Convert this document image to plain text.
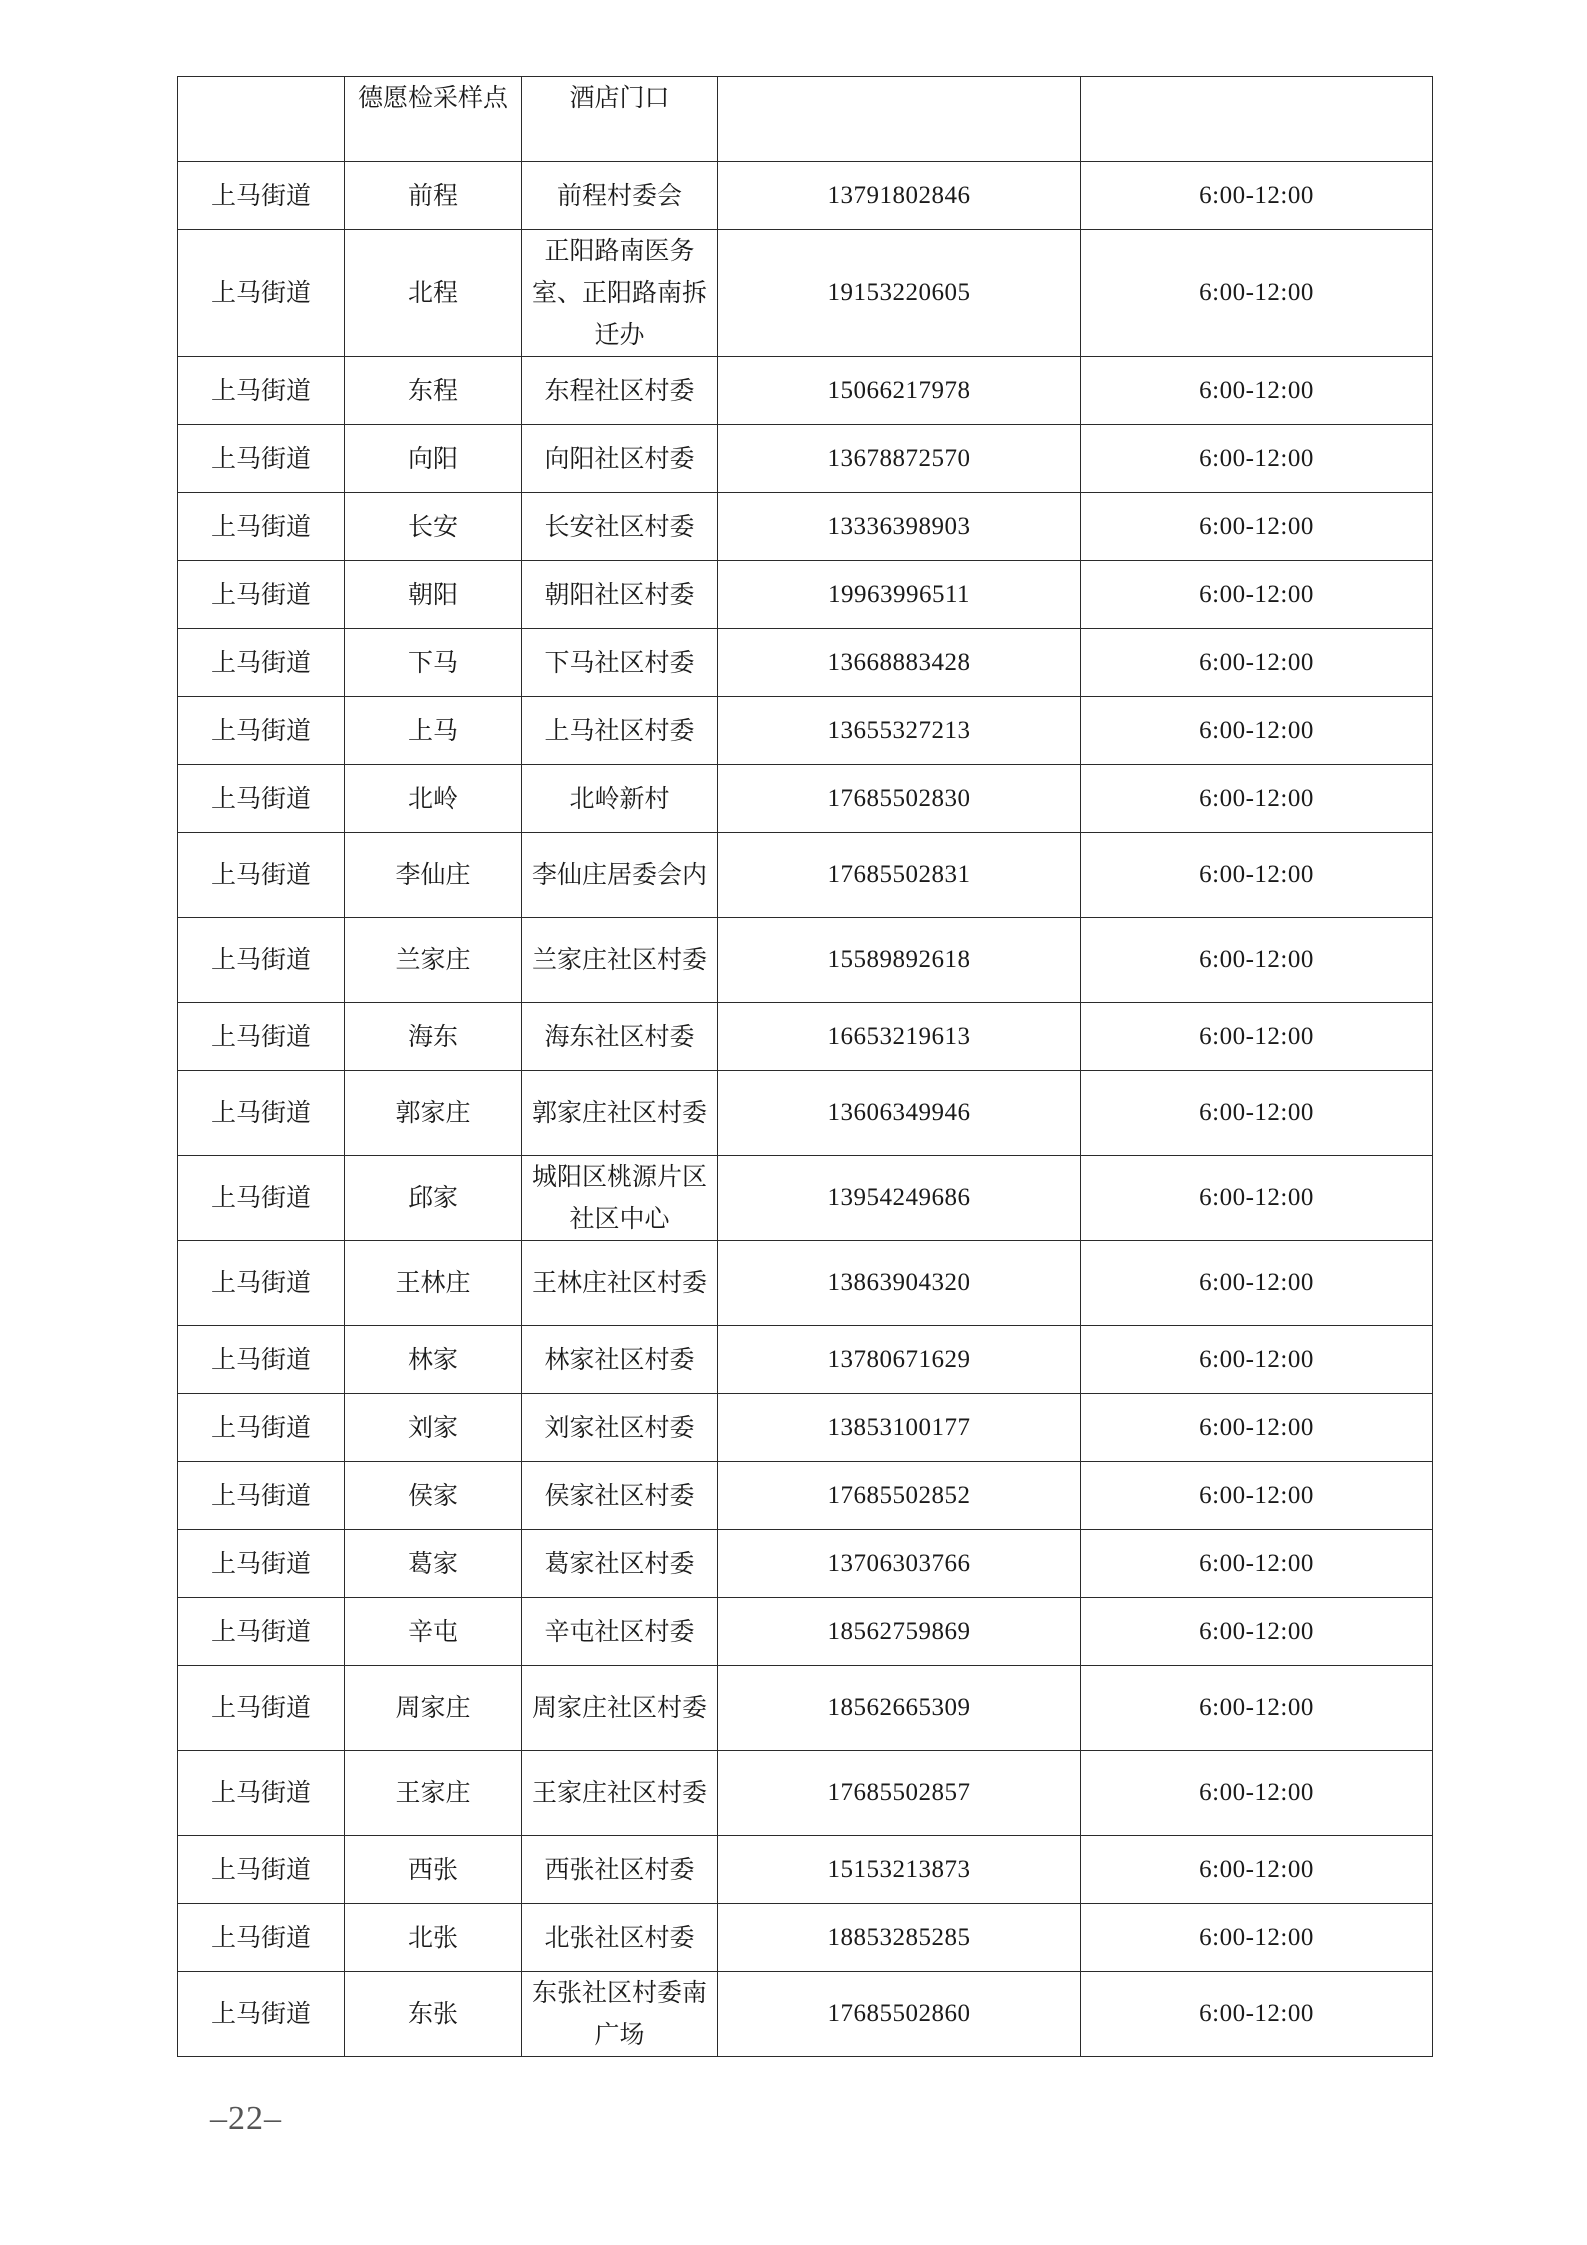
	德愿检采样点	酒店门口		
上马街道	前程	前程村委会	13791802846	6:00-12:00
上马街道	北程	正阳路南医务室、正阳路南拆迁办	19153220605	6:00-12:00
上马街道	东程	东程社区村委	15066217978	6:00-12:00
上马街道	向阳	向阳社区村委	13678872570	6:00-12:00
上马街道	长安	长安社区村委	13336398903	6:00-12:00
上马街道	朝阳	朝阳社区村委	19963996511	6:00-12:00
上马街道	下马	下马社区村委	13668883428	6:00-12:00
上马街道	上马	上马社区村委	13655327213	6:00-12:00
上马街道	北岭	北岭新村	17685502830	6:00-12:00
上马街道	李仙庄	李仙庄居委会内	17685502831	6:00-12:00
上马街道	兰家庄	兰家庄社区村委	15589892618	6:00-12:00
上马街道	海东	海东社区村委	16653219613	6:00-12:00
上马街道	郭家庄	郭家庄社区村委	13606349946	6:00-12:00
上马街道	邱家	城阳区桃源片区社区中心	13954249686	6:00-12:00
上马街道	王林庄	王林庄社区村委	13863904320	6:00-12:00
上马街道	林家	林家社区村委	13780671629	6:00-12:00
上马街道	刘家	刘家社区村委	13853100177	6:00-12:00
上马街道	侯家	侯家社区村委	17685502852	6:00-12:00
上马街道	葛家	葛家社区村委	13706303766	6:00-12:00
上马街道	辛屯	辛屯社区村委	18562759869	6:00-12:00
上马街道	周家庄	周家庄社区村委	18562665309	6:00-12:00
上马街道	王家庄	王家庄社区村委	17685502857	6:00-12:00
上马街道	西张	西张社区村委	15153213873	6:00-12:00
上马街道	北张	北张社区村委	18853285285	6:00-12:00
上马街道	东张	东张社区村委南广场	17685502860	6:00-12:00
–22–
